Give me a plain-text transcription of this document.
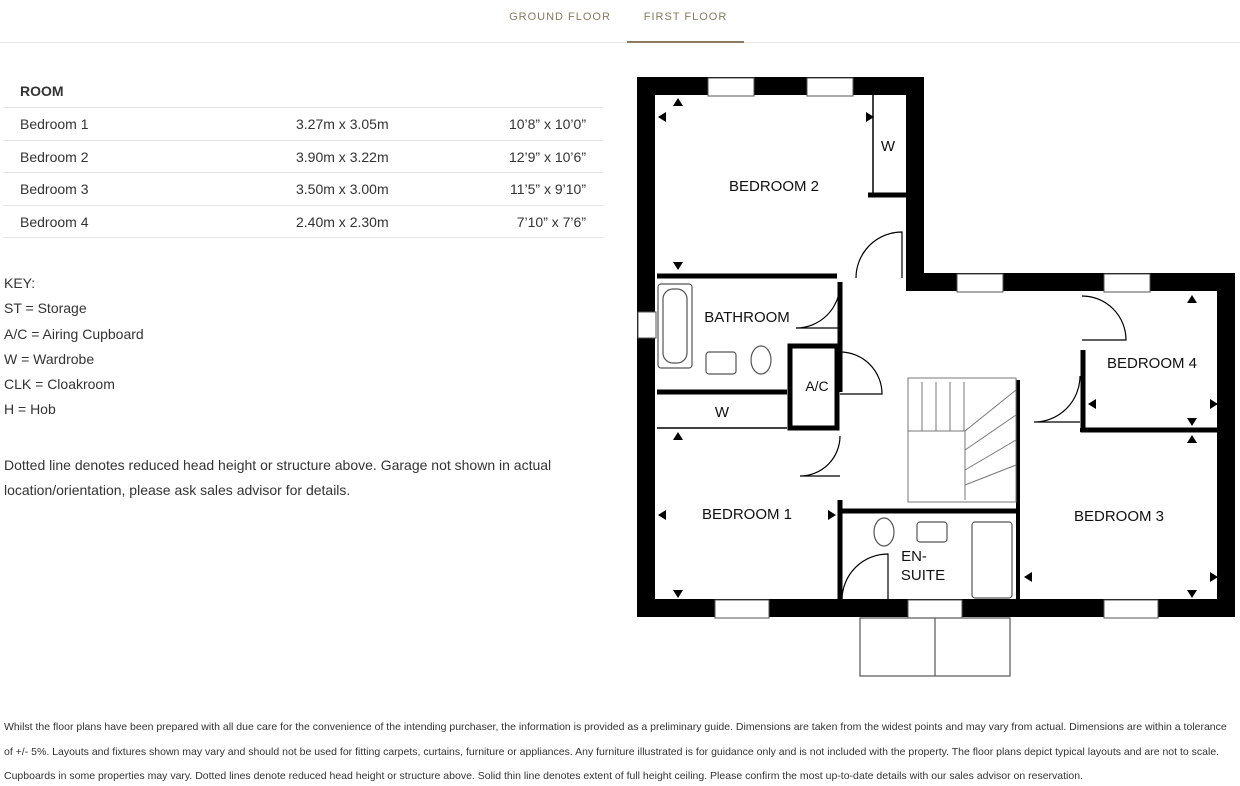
GROUND FLOOR	FIRST FLOOR
ROOM
Bedroom 1	3.27m x 3.05m	10’8” x 10’0”
Bedroom 2	3.90m x 3.22m	12’9” x 10’6”
Bedroom 3	3.50m x 3.00m	11’5” x 9’10”
Bedroom 4	2.40m x 2.30m	7’10” x 7’6”
KEY:
ST = Storage
A/C = Airing Cupboard
W = Wardrobe
CLK = Cloakroom
H = Hob
Dotted line denotes reduced head height or structure above. Garage not shown in actual location/orientation, please ask sales advisor for details.
BEDROOM 2
W
BATHROOM
A/C
BEDROOM 4
W
BEDROOM 1	BEDROOM 3
EN-
SUITE
Whilst the floor plans have been prepared with all due care for the convenience of the intending purchaser, the information is provided as a preliminary guide. Dimensions are taken from the widest points and may vary from actual. Dimensions are within a tolerance of +/- 5%. Layouts and fixtures shown may vary and should not be used for fitting carpets, curtains, furniture or appliances. Any furniture illustrated is for guidance only and is not included with the property. The floor plans depict typical layouts and are not to scale. Cupboards in some properties may vary. Dotted lines denote reduced head height or structure above. Solid thin line denotes extent of full height ceiling. Please confirm the most up-to-date details with our sales advisor on reservation.
